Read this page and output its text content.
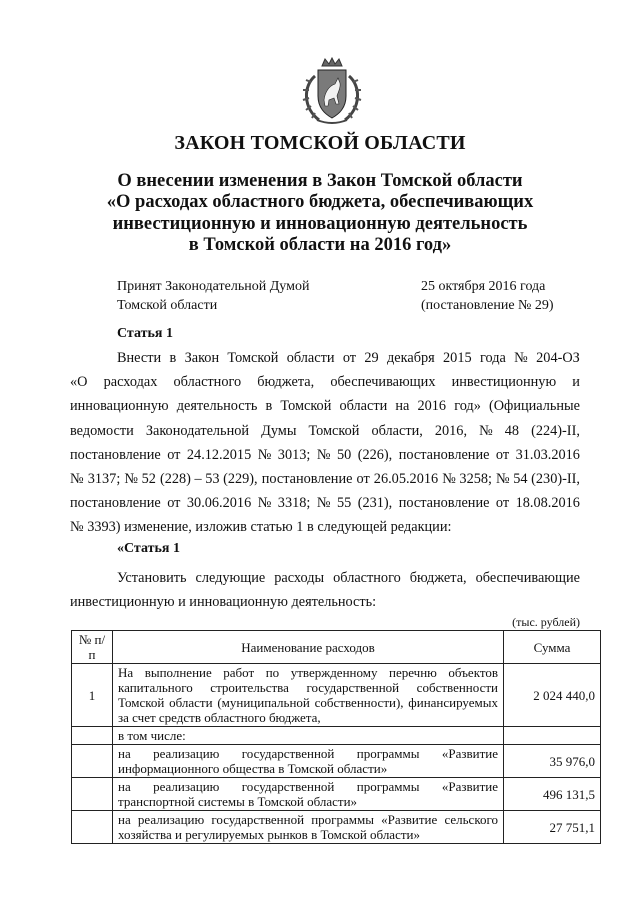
ЗАКОН ТОМСКОЙ ОБЛАСТИ
О внесении изменения в Закон Томской области
«О расходах областного бюджета, обеспечивающих
инвестиционную и инновационную деятельность
в Томской области на 2016 год»
Принят Законодательной Думой
Томской области
25 октября 2016 года
(постановление № 29)
Статья 1
Внести в Закон Томской области от 29 декабря 2015 года № 204-ОЗ
«О расходах областного бюджета, обеспечивающих инвестиционную и
инновационную деятельность в Томской области на 2016 год» (Официальные
ведомости Законодательной Думы Томской области, 2016, № 48 (224)-II,
постановление от 24.12.2015 № 3013; № 50 (226), постановление от 31.03.2016
№ 3137; № 52 (228) – 53 (229), постановление от 26.05.2016 № 3258; № 54 (230)-II,
постановление от 30.06.2016 № 3318; № 55 (231), постановление от 18.08.2016
№ 3393) изменение, изложив статью 1 в следующей редакции:
«Статья 1
Установить следующие расходы областного бюджета, обеспечивающие
инвестиционную и инновационную деятельность:
(тыс. рублей)
№ п/п	Наименование расходов	Сумма
1	На выполнение работ по утвержденному перечню объектов капитального строительства государственной собственности Томской области (муниципальной собственности), финансируемых за счет средств областного бюджета,	2 024 440,0
	в том числе:	
	на реализацию государственной программы «Развитие информационного общества в Томской области»	35 976,0
	на реализацию государственной программы «Развитие транспортной системы в Томской области»	496 131,5
	на реализацию государственной программы «Развитие сельского хозяйства и регулируемых рынков в Томской области»	27 751,1
